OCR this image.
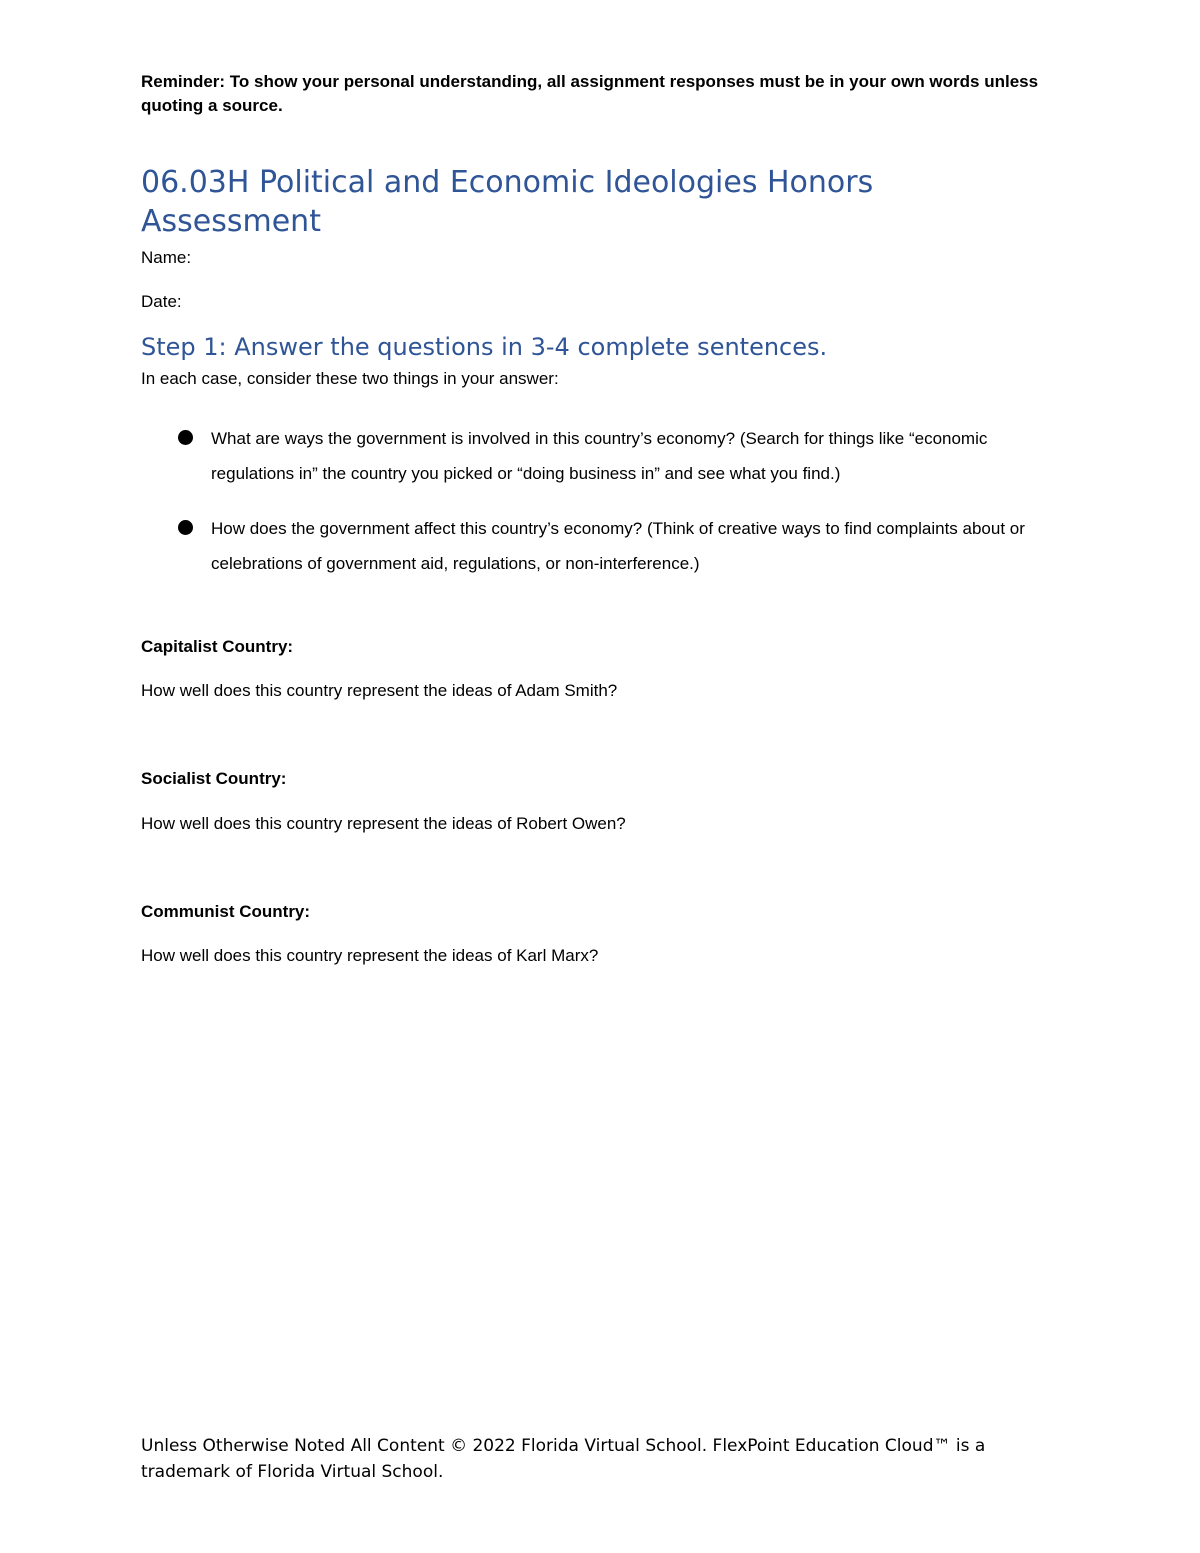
Reminder: To show your personal understanding, all assignment responses must be in your own words unless quoting a source.

06.03H Political and Economic Ideologies Honors Assessment

Name:

Date:

Step 1: Answer the questions in 3-4 complete sentences.

In each case, consider these two things in your answer:

What are ways the government is involved in this country’s economy? (Search for things like “economic regulations in” the country you picked or “doing business in” and see what you find.)
How does the government affect this country’s economy? (Think of creative ways to find complaints about or celebrations of government aid, regulations, or non-interference.)

Capitalist Country:

How well does this country represent the ideas of Adam Smith?

Socialist Country:

How well does this country represent the ideas of Robert Owen?

Communist Country:

How well does this country represent the ideas of Karl Marx?

Unless Otherwise Noted All Content © 2022 Florida Virtual School. FlexPoint Education Cloud™ is a trademark of Florida Virtual School.
